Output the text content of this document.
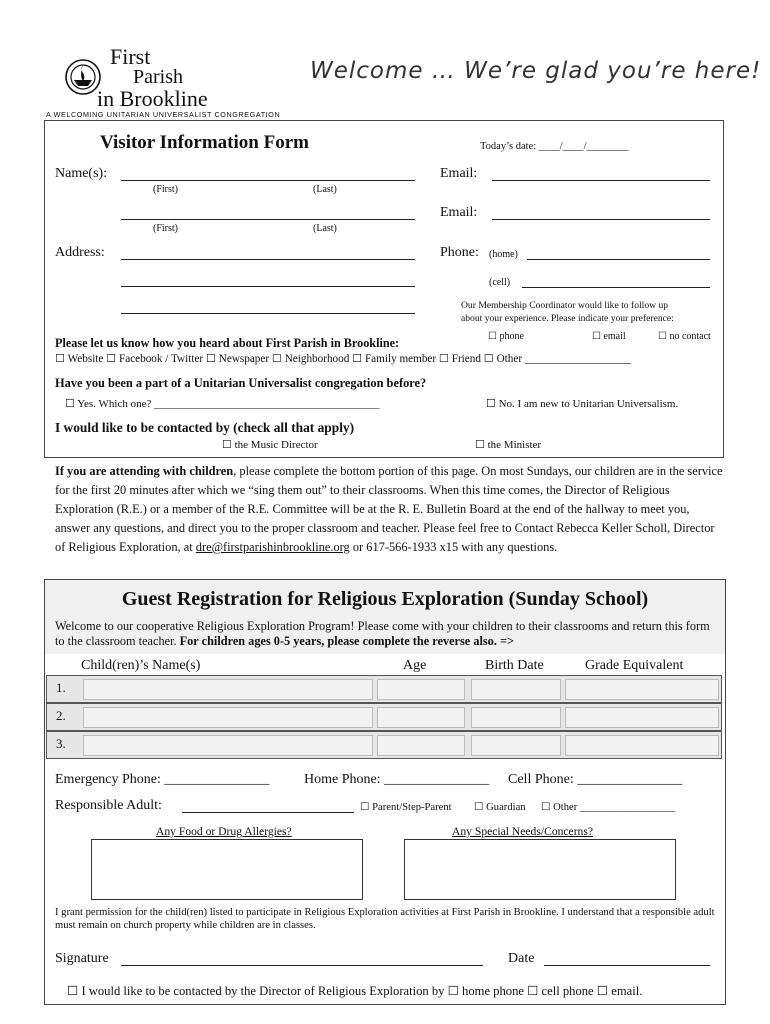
First
Parish
in Brookline
A WELCOMING UNITARIAN UNIVERSALIST CONGREGATION
Welcome … We’re glad you’re here!
Visitor Information Form	Today’s date: ____/____/________
Name(s):
(First)	(Last)
(First)	(Last)
Email:
Email:
Address:	Phone: (home)
(cell)
Our Membership Coordinator would like to follow up
about your experience. Please indicate your preference:
☐ phone	☐ email	☐ no contact
Please let us know how you heard about First Parish in Brookline:
☐ Website ☐ Facebook / Twitter ☐ Newspaper ☐ Neighborhood ☐ Family member ☐ Friend ☐ Other ___________________
Have you been a part of a Unitarian Universalist congregation before?
☐ Yes. Which one? _________________________________________	☐ No. I am new to Unitarian Universalism.
I would like to be contacted by (check all that apply)
☐ the Music Director	☐ the Minister
If you are attending with children, please complete the bottom portion of this page. On most Sundays, our children are in the service for the first 20 minutes after which we “sing them out” to their classrooms. When this time comes, the Director of Religious Exploration (R.E.) or a member of the R.E. Committee will be at the R. E. Bulletin Board at the end of the hallway to meet you, answer any questions, and direct you to the proper classroom and teacher. Please feel free to Contact Rebecca Keller Scholl, Director of Religious Exploration, at dre@firstparishinbrookline.org or 617-566-1933 x15 with any questions.
Guest Registration for Religious Exploration (Sunday School)
Welcome to our cooperative Religious Exploration Program! Please come with your children to their classrooms and return this form to the classroom teacher. For children ages 0-5 years, please complete the reverse also. =>
Child(ren)’s Name(s)	Age	Birth Date	Grade Equivalent
1.
2.
3.
Emergency Phone: _______________ Home Phone: _______________ Cell Phone: _______________
Responsible Adult:	☐ Parent/Step-Parent ☐ Guardian ☐ Other __________________
Any Food or Drug Allergies?	Any Special Needs/Concerns?
I grant permission for the child(ren) listed to participate in Religious Exploration activities at First Parish in Brookline. I understand that a responsible adult must remain on church property while children are in classes.
Signature	Date
☐ I would like to be contacted by the Director of Religious Exploration by ☐ home phone ☐ cell phone ☐ email.
